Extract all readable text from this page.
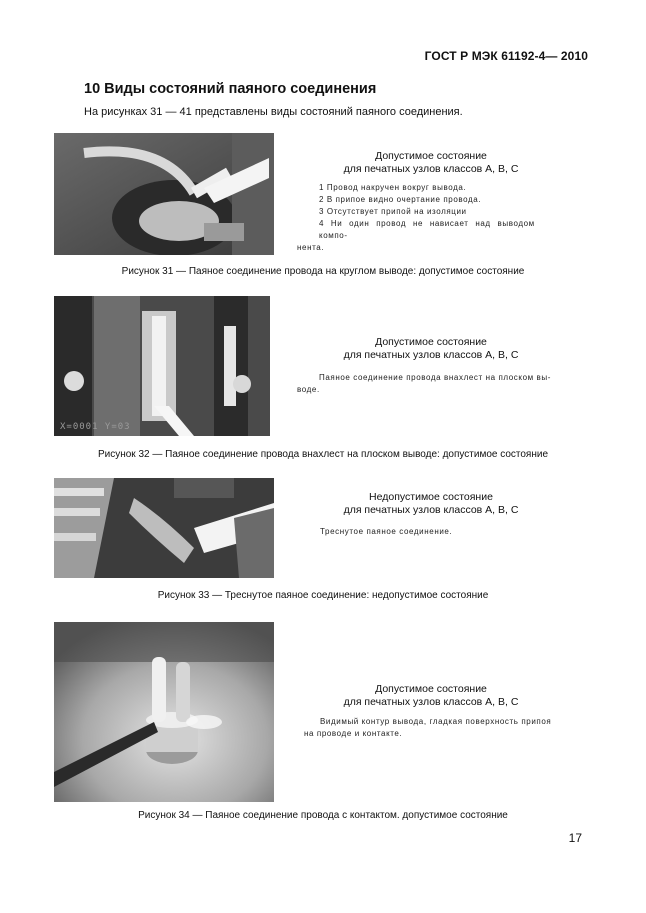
ГОСТ Р МЭК 61192-4— 2010
10 Виды состояний паяного соединения
На рисунках 31 — 41 представлены виды состояний паяного соединения.
Допустимое состояние
для печатных узлов классов А, В, С

1 Провод накручен вокруг вывода.

2 В припое видно очертание провода.

3 Отсутствует припой на изоляции

4 Ни один провод не нависает над выводом компо-

нента.

Рисунок 31 — Паяное соединение провода на круглом выводе: допустимое состояние
X=0001 Y=03
Допустимое состояние
для печатных узлов классов А, В, С

Паяное соединение провода внахлест на плоском вы-

воде.

Рисунок 32 — Паяное соединение провода внахлест на плоском выводе: допустимое состояние
Недопустимое состояние
для печатных узлов классов А, В, С

Треснутое паяное соединение.

Рисунок 33 — Треснутое паяное соединение: недопустимое состояние
Допустимое состояние
для печатных узлов классов А, В, С

Видимый контур вывода, гладкая поверхность припоя

на проводе и контакте.

Рисунок 34 — Паяное соединение провода с контактом. допустимое состояние
17
